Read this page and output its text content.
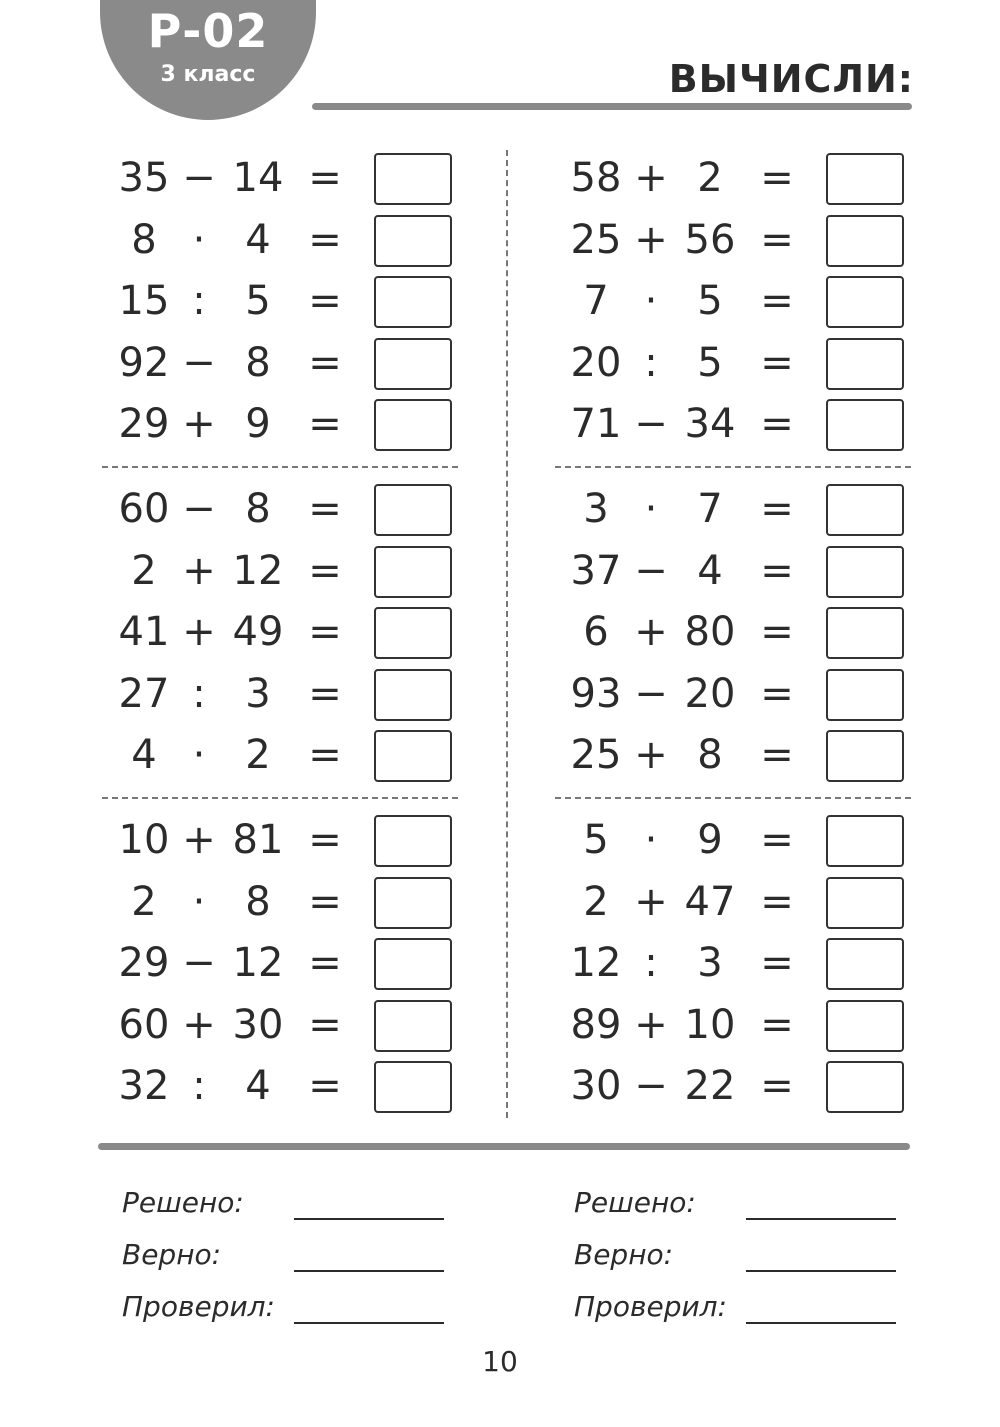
Р-02
3 класс	ВЫЧИСЛИ:
35 − 14 =
8 · 4 =
15 : 5 =
92 − 8 =
29 + 9 =
60 − 8 =
2 + 12 =
41 + 49 =
27 : 3 =
4 · 2 =
10 + 81 =
2 · 8 =
29 − 12 =
60 + 30 =
32 : 4 =
58 + 2 =
25 + 56 =
7 · 5 =
20 : 5 =
71 − 34 =
3 · 7 =
37 − 4 =
6 + 80 =
93 − 20 =
25 + 8 =
5 · 9 =
2 + 47 =
12 : 3 =
89 + 10 =
30 − 22 =
Решено:
Верно:
Проверил:
Решено:
Верно:
Проверил:
10
